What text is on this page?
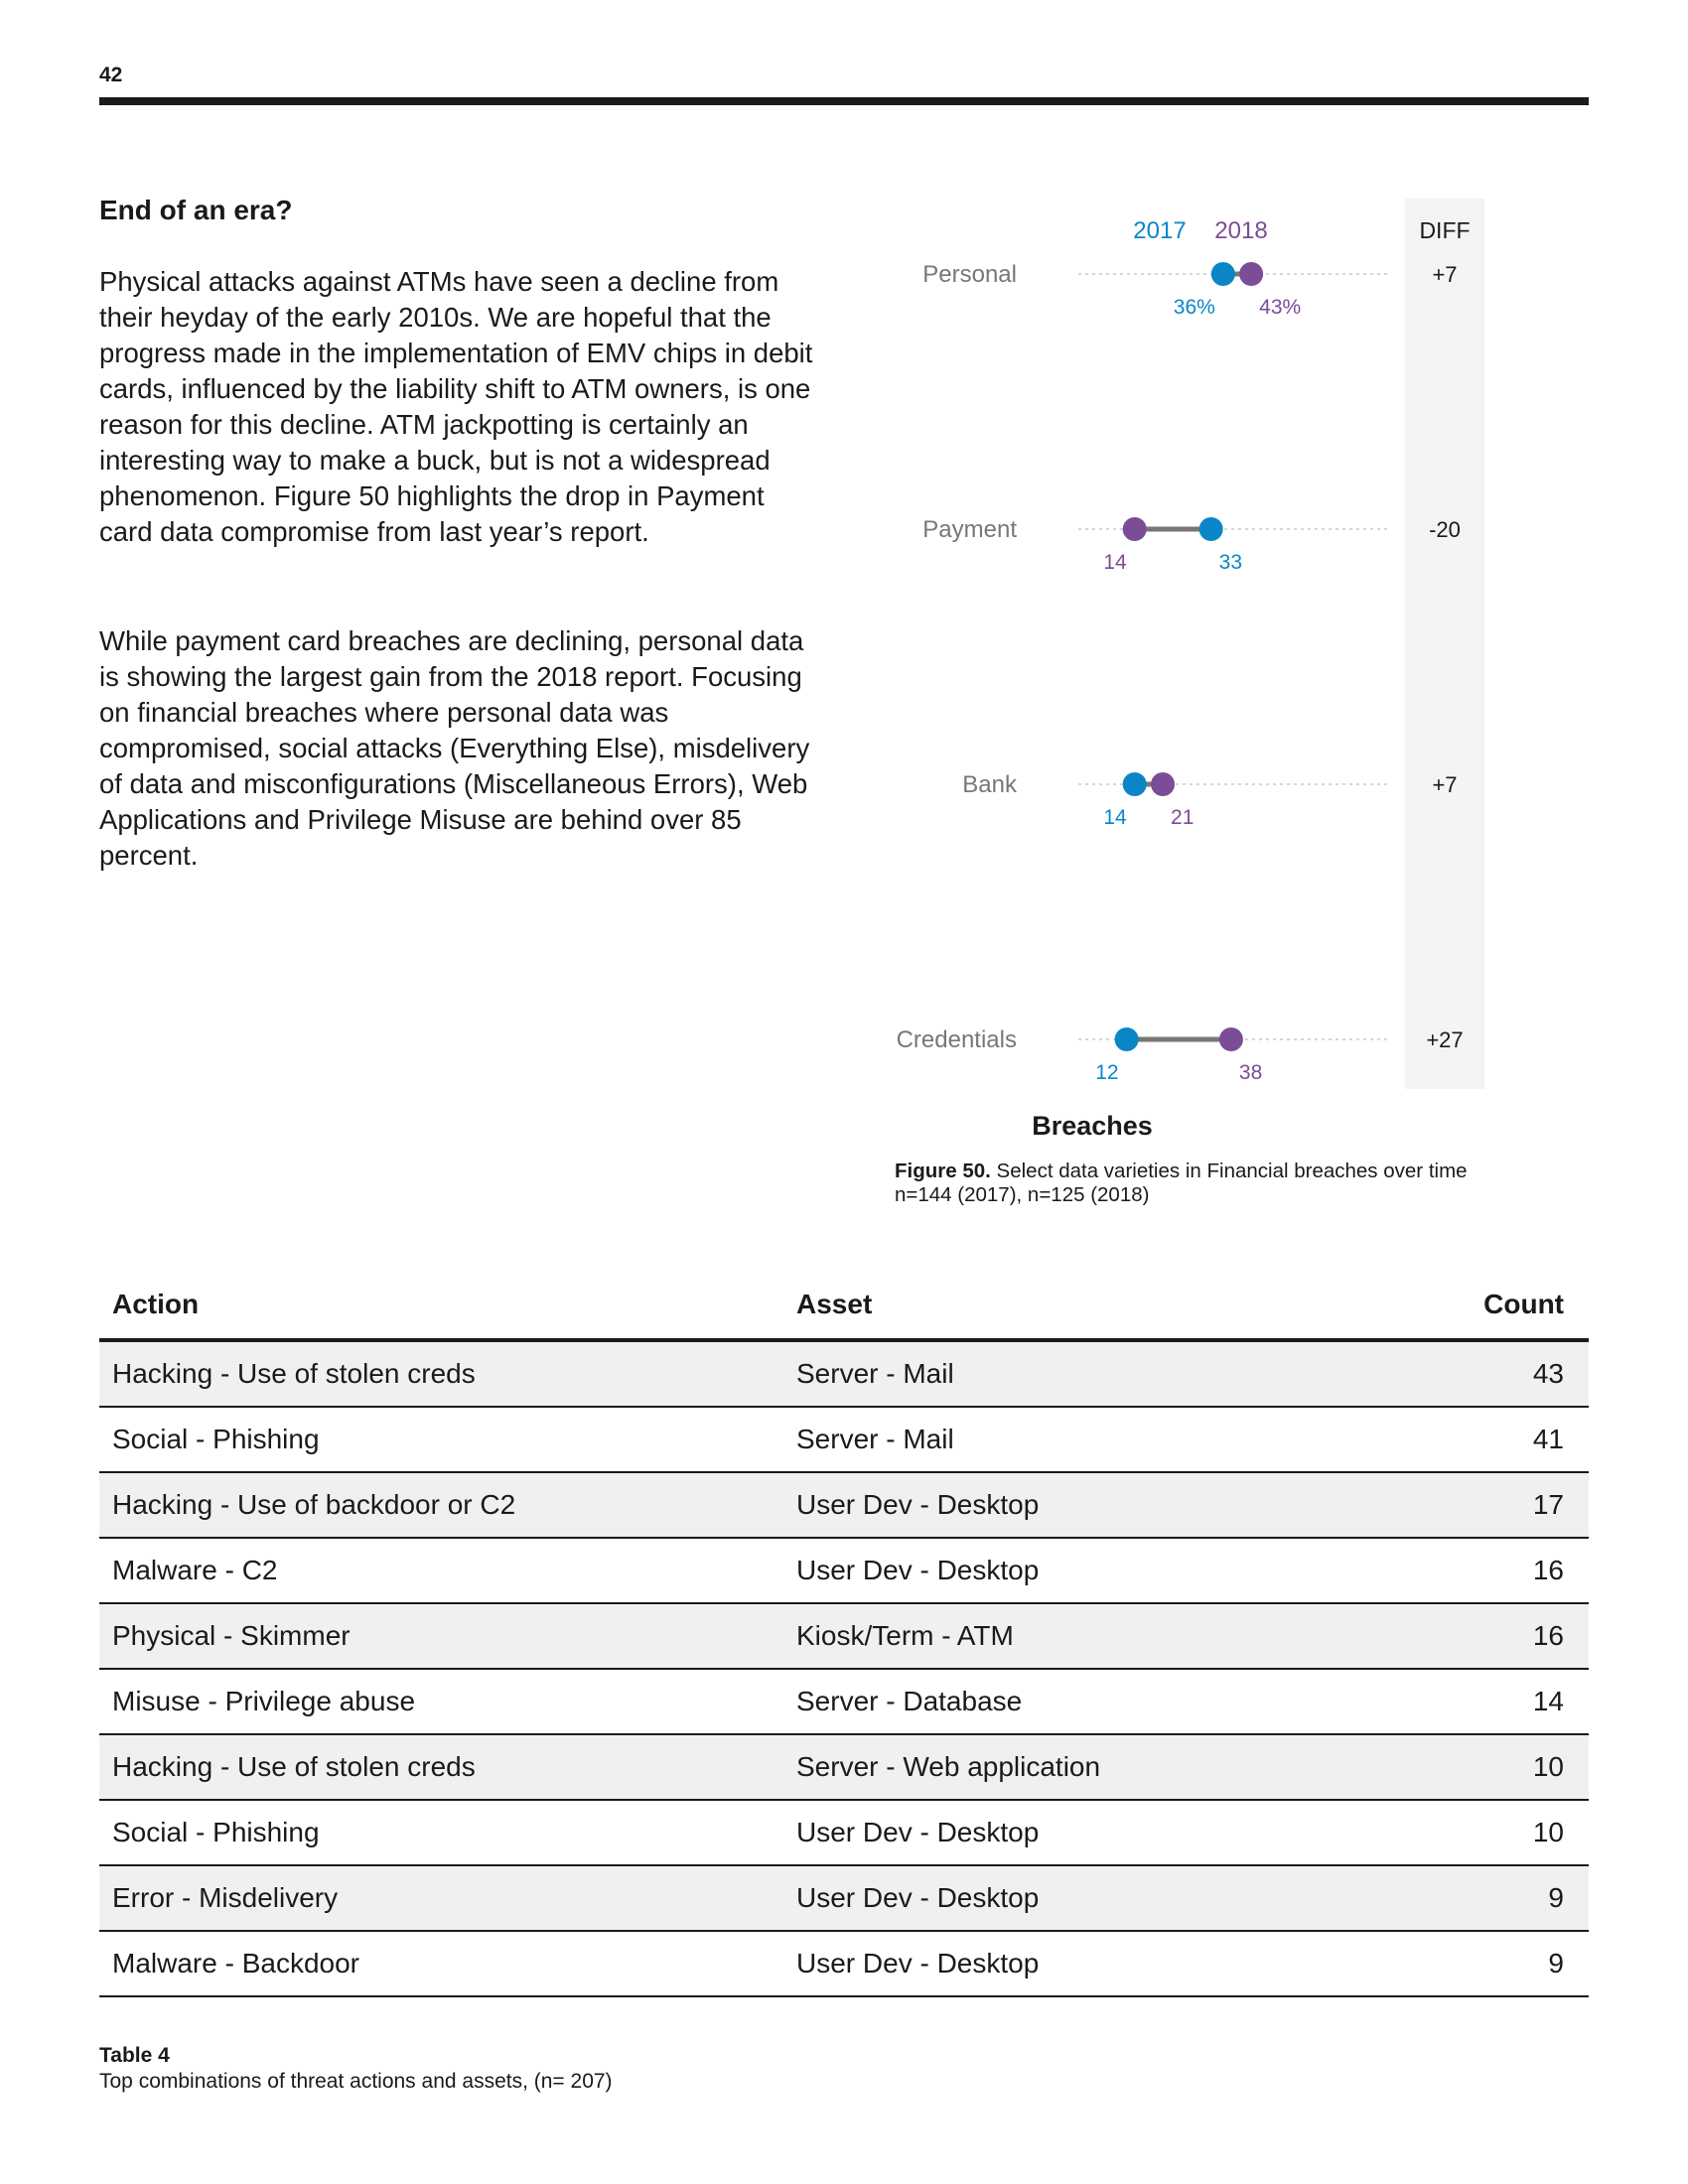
42
End of an era?

Physical attacks against ATMs have seen a decline from their heyday of the early 2010s. We are hopeful that the progress made in the implementation of EMV chips in debit cards, influenced by the liability shift to ATM owners, is one reason for this decline. ATM jackpotting is certainly an interesting way to make a buck, but is not a widespread phenomenon. Figure 50 highlights the drop in Payment card data compromise from last year’s report.

While payment card breaches are declining, personal data is showing the largest gain from the 2018 report. Focusing on financial breaches where personal data was compromised, social attacks (Everything Else), misdelivery of data and misconfigurations (Miscellaneous Errors), Web Applications and Privilege Misuse are behind over 85 percent.

2017 2018	DIFF
Personal
36% 43%
+7
Payment
33
14
-20
Bank
14 21
+7
Credentials
12	38
+27
Breaches
Figure 50. Select data varieties in Financial breaches over time
n=144 (2017), n=125 (2018)
Action	Asset	Count
Hacking - Use of stolen creds	Server - Mail	43
Social - Phishing	Server - Mail	41
Hacking - Use of backdoor or C2	User Dev - Desktop	17
Malware - C2	User Dev - Desktop	16
Physical - Skimmer	Kiosk/Term - ATM	16
Misuse - Privilege abuse	Server - Database	14
Hacking - Use of stolen creds	Server - Web application	10
Social - Phishing	User Dev - Desktop	10
Error - Misdelivery	User Dev - Desktop	9
Malware - Backdoor	User Dev - Desktop	9
Table 4
Top combinations of threat actions and assets, (n= 207)
